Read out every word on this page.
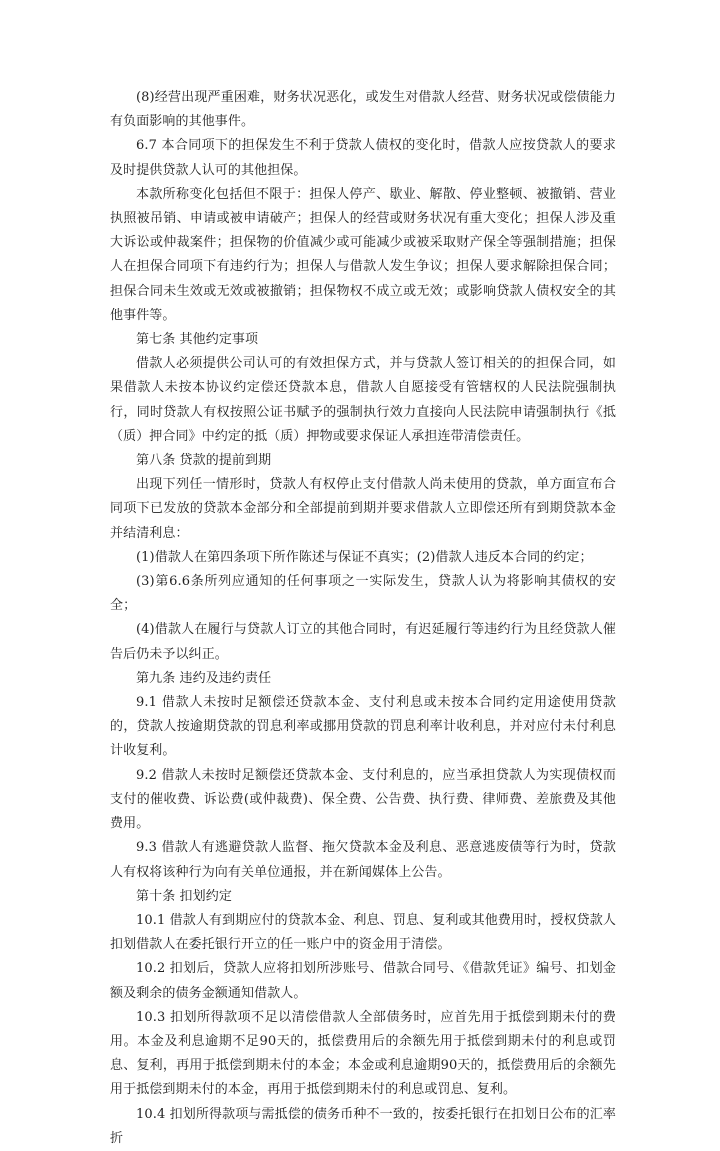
(8)经营出现严重困难，财务状况恶化，或发生对借款人经营、财务状况或偿债能力有负面影响的其他事件。

6.7 本合同项下的担保发生不利于贷款人债权的变化时，借款人应按贷款人的要求及时提供贷款人认可的其他担保。

本款所称变化包括但不限于：担保人停产、歇业、解散、停业整顿、被撤销、营业执照被吊销、申请或被申请破产；担保人的经营或财务状况有重大变化；担保人涉及重大诉讼或仲裁案件；担保物的价值减少或可能减少或被采取财产保全等强制措施；担保人在担保合同项下有违约行为；担保人与借款人发生争议；担保人要求解除担保合同；担保合同未生效或无效或被撤销；担保物权不成立或无效；或影响贷款人债权安全的其他事件等。

第七条 其他约定事项

借款人必须提供公司认可的有效担保方式，并与贷款人签订相关的的担保合同，如果借款人未按本协议约定偿还贷款本息，借款人自愿接受有管辖权的人民法院强制执行，同时贷款人有权按照公证书赋予的强制执行效力直接向人民法院申请强制执行《抵（质）押合同》中约定的抵（质）押物或要求保证人承担连带清偿责任。

第八条 贷款的提前到期

出现下列任一情形时，贷款人有权停止支付借款人尚未使用的贷款，单方面宣布合同项下已发放的贷款本金部分和全部提前到期并要求借款人立即偿还所有到期贷款本金并结清利息：

(1)借款人在第四条项下所作陈述与保证不真实；(2)借款人违反本合同的约定；

(3)第6.6条所列应通知的任何事项之一实际发生，贷款人认为将影响其债权的安全；

(4)借款人在履行与贷款人订立的其他合同时，有迟延履行等违约行为且经贷款人催告后仍未予以纠正。

第九条 违约及违约责任

9.1 借款人未按时足额偿还贷款本金、支付利息或未按本合同约定用途使用贷款的，贷款人按逾期贷款的罚息利率或挪用贷款的罚息利率计收利息，并对应付未付利息计收复利。

9.2 借款人未按时足额偿还贷款本金、支付利息的，应当承担贷款人为实现债权而支付的催收费、诉讼费(或仲裁费)、保全费、公告费、执行费、律师费、差旅费及其他费用。

9.3 借款人有逃避贷款人监督、拖欠贷款本金及利息、恶意逃废债等行为时，贷款人有权将该种行为向有关单位通报，并在新闻媒体上公告。

第十条 扣划约定

10.1 借款人有到期应付的贷款本金、利息、罚息、复利或其他费用时，授权贷款人扣划借款人在委托银行开立的任一账户中的资金用于清偿。

10.2 扣划后，贷款人应将扣划所涉账号、借款合同号、《借款凭证》编号、扣划金额及剩余的债务金额通知借款人。

10.3 扣划所得款项不足以清偿借款人全部债务时，应首先用于抵偿到期未付的费用。本金及利息逾期不足90天的，抵偿费用后的余额先用于抵偿到期未付的利息或罚息、复利，再用于抵偿到期未付的本金；本金或利息逾期90天的，抵偿费用后的余额先用于抵偿到期未付的本金，再用于抵偿到期未付的利息或罚息、复利。

10.4 扣划所得款项与需抵偿的债务币种不一致的，按委托银行在扣划日公布的汇率折
